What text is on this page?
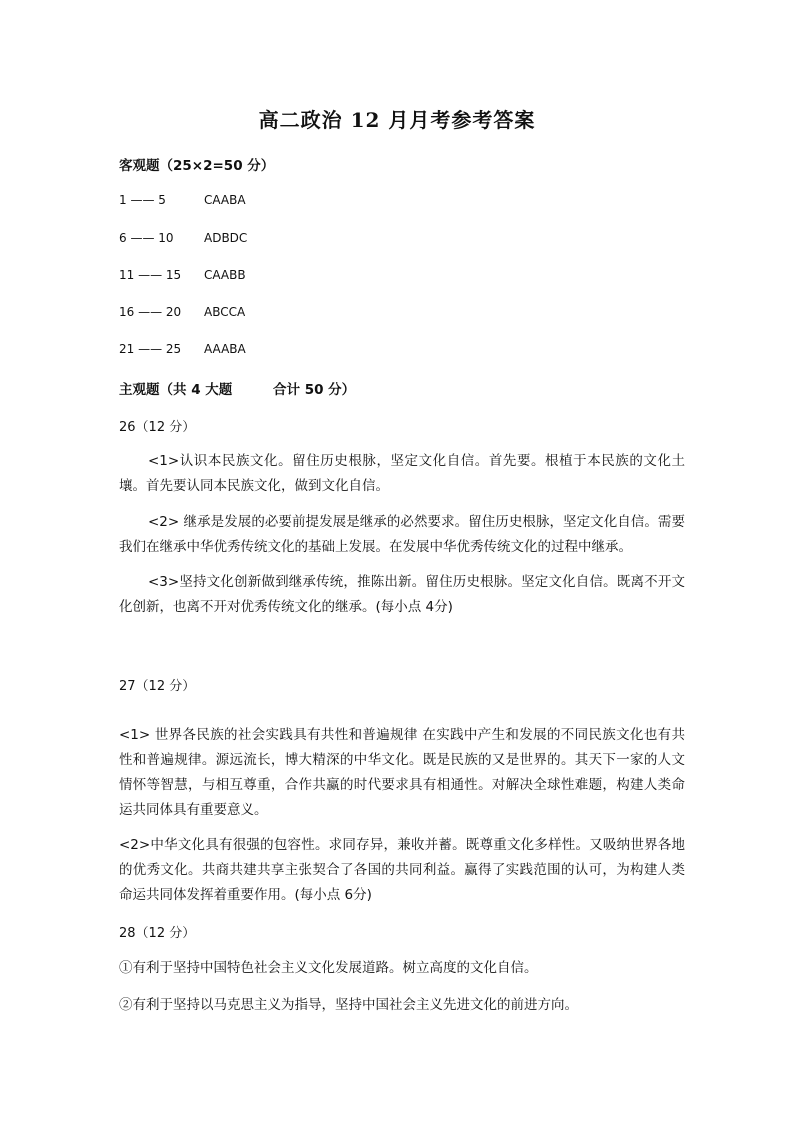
高二政治 12 月月考参考答案
客观题（25×2=50 分）
1 —— 5	CAABA
6 —— 10	ADBDC
11 —— 15 CAABB
16 —— 20 ABCCA
21 —— 25 AAABA
主观题（共 4 大题	合计 50 分）
26（12 分）
<1>认识本民族文化。留住历史根脉，坚定文化自信。首先要。根植于本民族的文化土壤。首先要认同本民族文化，做到文化自信。
<2> 继承是发展的必要前提发展是继承的必然要求。留住历史根脉，坚定文化自信。需要我们在继承中华优秀传统文化的基础上发展。在发展中华优秀传统文化的过程中继承。
<3>坚持文化创新做到继承传统，推陈出新。留住历史根脉。坚定文化自信。既离不开文化创新，也离不开对优秀传统文化的继承。(每小点 4分)
27（12 分）
<1> 世界各民族的社会实践具有共性和普遍规律 在实践中产生和发展的不同民族文化也有共性和普遍规律。源远流长，博大精深的中华文化。既是民族的又是世界的。其天下一家的人文情怀等智慧，与相互尊重，合作共赢的时代要求具有相通性。对解决全球性难题，构建人类命运共同体具有重要意义。
<2>中华文化具有很强的包容性。求同存异，兼收并蓄。既尊重文化多样性。又吸纳世界各地的优秀文化。共商共建共享主张契合了各国的共同利益。赢得了实践范围的认可，为构建人类命运共同体发挥着重要作用。(每小点 6分)
28（12 分）
①有利于坚持中国特色社会主义文化发展道路。树立高度的文化自信。
②有利于坚持以马克思主义为指导，坚持中国社会主义先进文化的前进方向。
